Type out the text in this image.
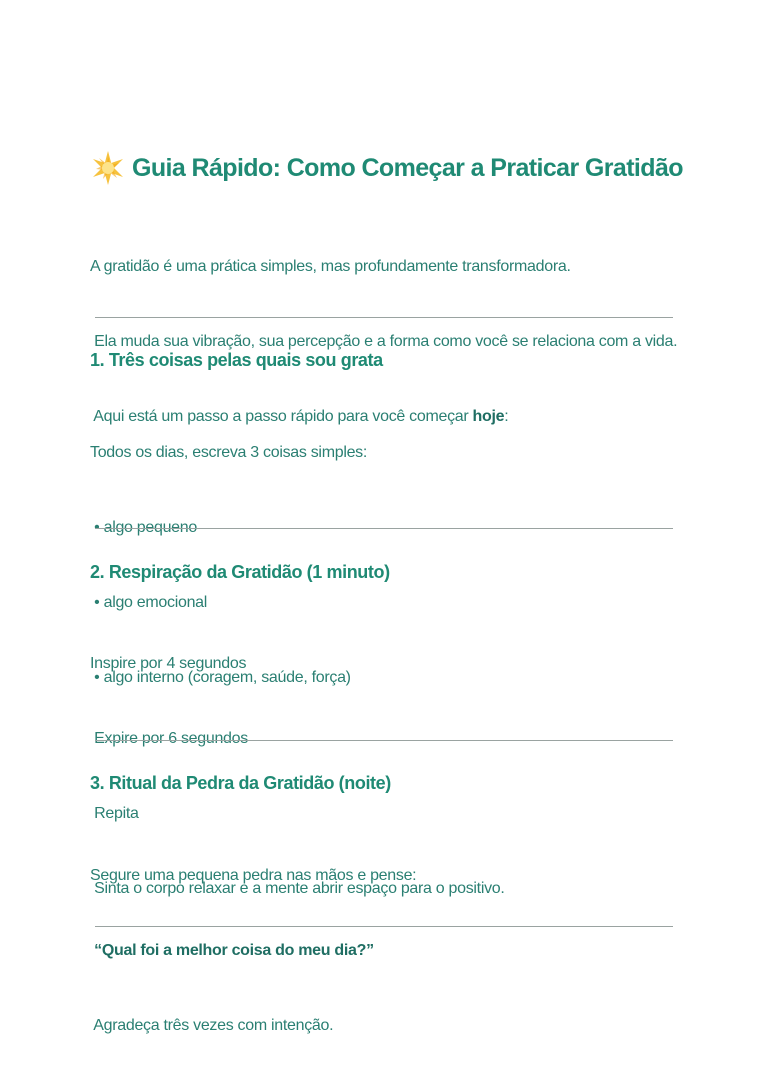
Guia Rápido: Como Começar a Praticar Gratidão

A gratidão é uma prática simples, mas profundamente transformadora.

Ela muda sua vibração, sua percepção e a forma como você se relaciona com a vida.

Aqui está um passo a passo rápido para você começar hoje:

1. Três coisas pelas quais sou grata

Todos os dias, escreva 3 coisas simples:

• algo pequeno

• algo emocional

• algo interno (coragem, saúde, força)

2. Respiração da Gratidão (1 minuto)

Inspire por 4 segundos

Expire por 6 segundos

Repita

Sinta o corpo relaxar e a mente abrir espaço para o positivo.

3. Ritual da Pedra da Gratidão (noite)

Segure uma pequena pedra nas mãos e pense:

“Qual foi a melhor coisa do meu dia?”

Agradeça três vezes com intenção.
